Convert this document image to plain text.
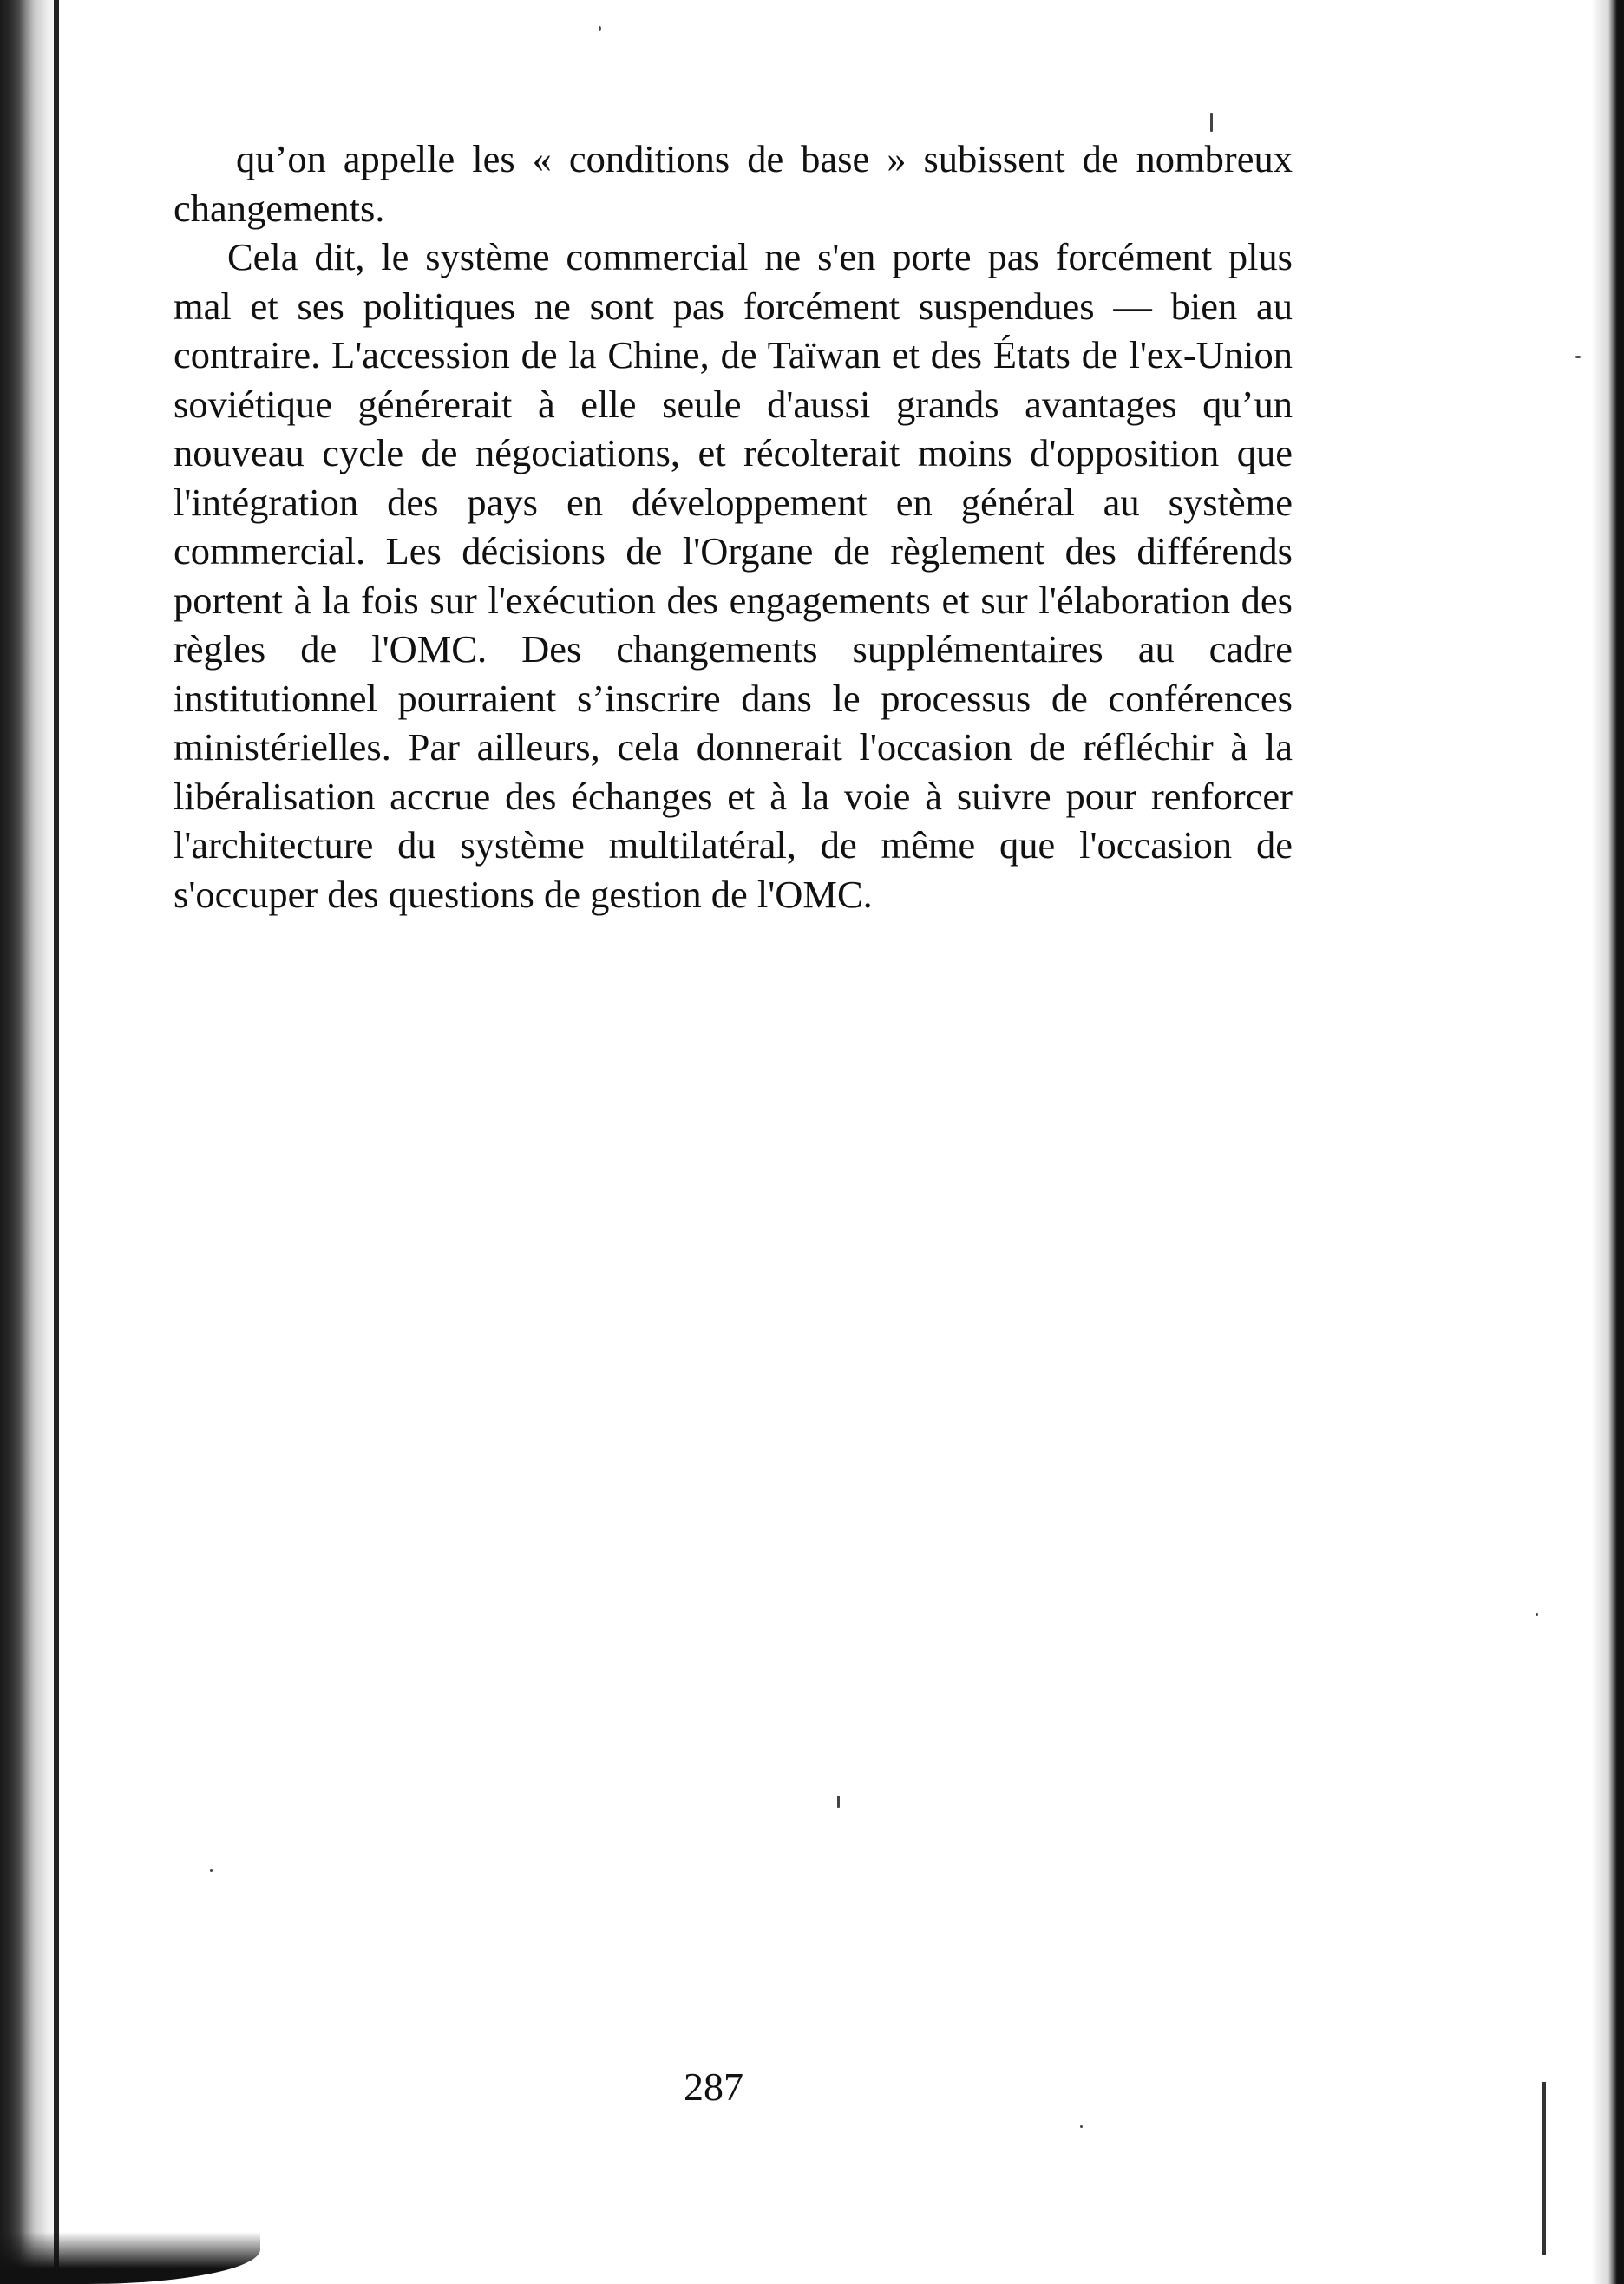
qu’on appelle les « conditions de base » subissent de nombreux changements.

Cela dit, le système commercial ne s'en porte pas forcément plus mal et ses politiques ne sont pas forcément suspendues — bien au contraire. L'accession de la Chine, de Taïwan et des États de l'ex-Union soviétique générerait à elle seule d'aussi grands avantages qu’un nouveau cycle de négociations, et récolterait moins d'opposition que l'intégration des pays en développement en général au système commercial. Les décisions de l'Organe de règlement des différends portent à la fois sur l'exécution des engagements et sur l'élaboration des règles de l'OMC. Des changements supplémentaires au cadre institutionnel pourraient s’inscrire dans le processus de conférences ministérielles. Par ailleurs, cela donnerait l'occasion de réfléchir à la libéralisation accrue des échanges et à la voie à suivre pour renforcer l'architecture du système multilatéral, de même que l'occasion de s'occuper des questions de gestion de l'OMC.

287
